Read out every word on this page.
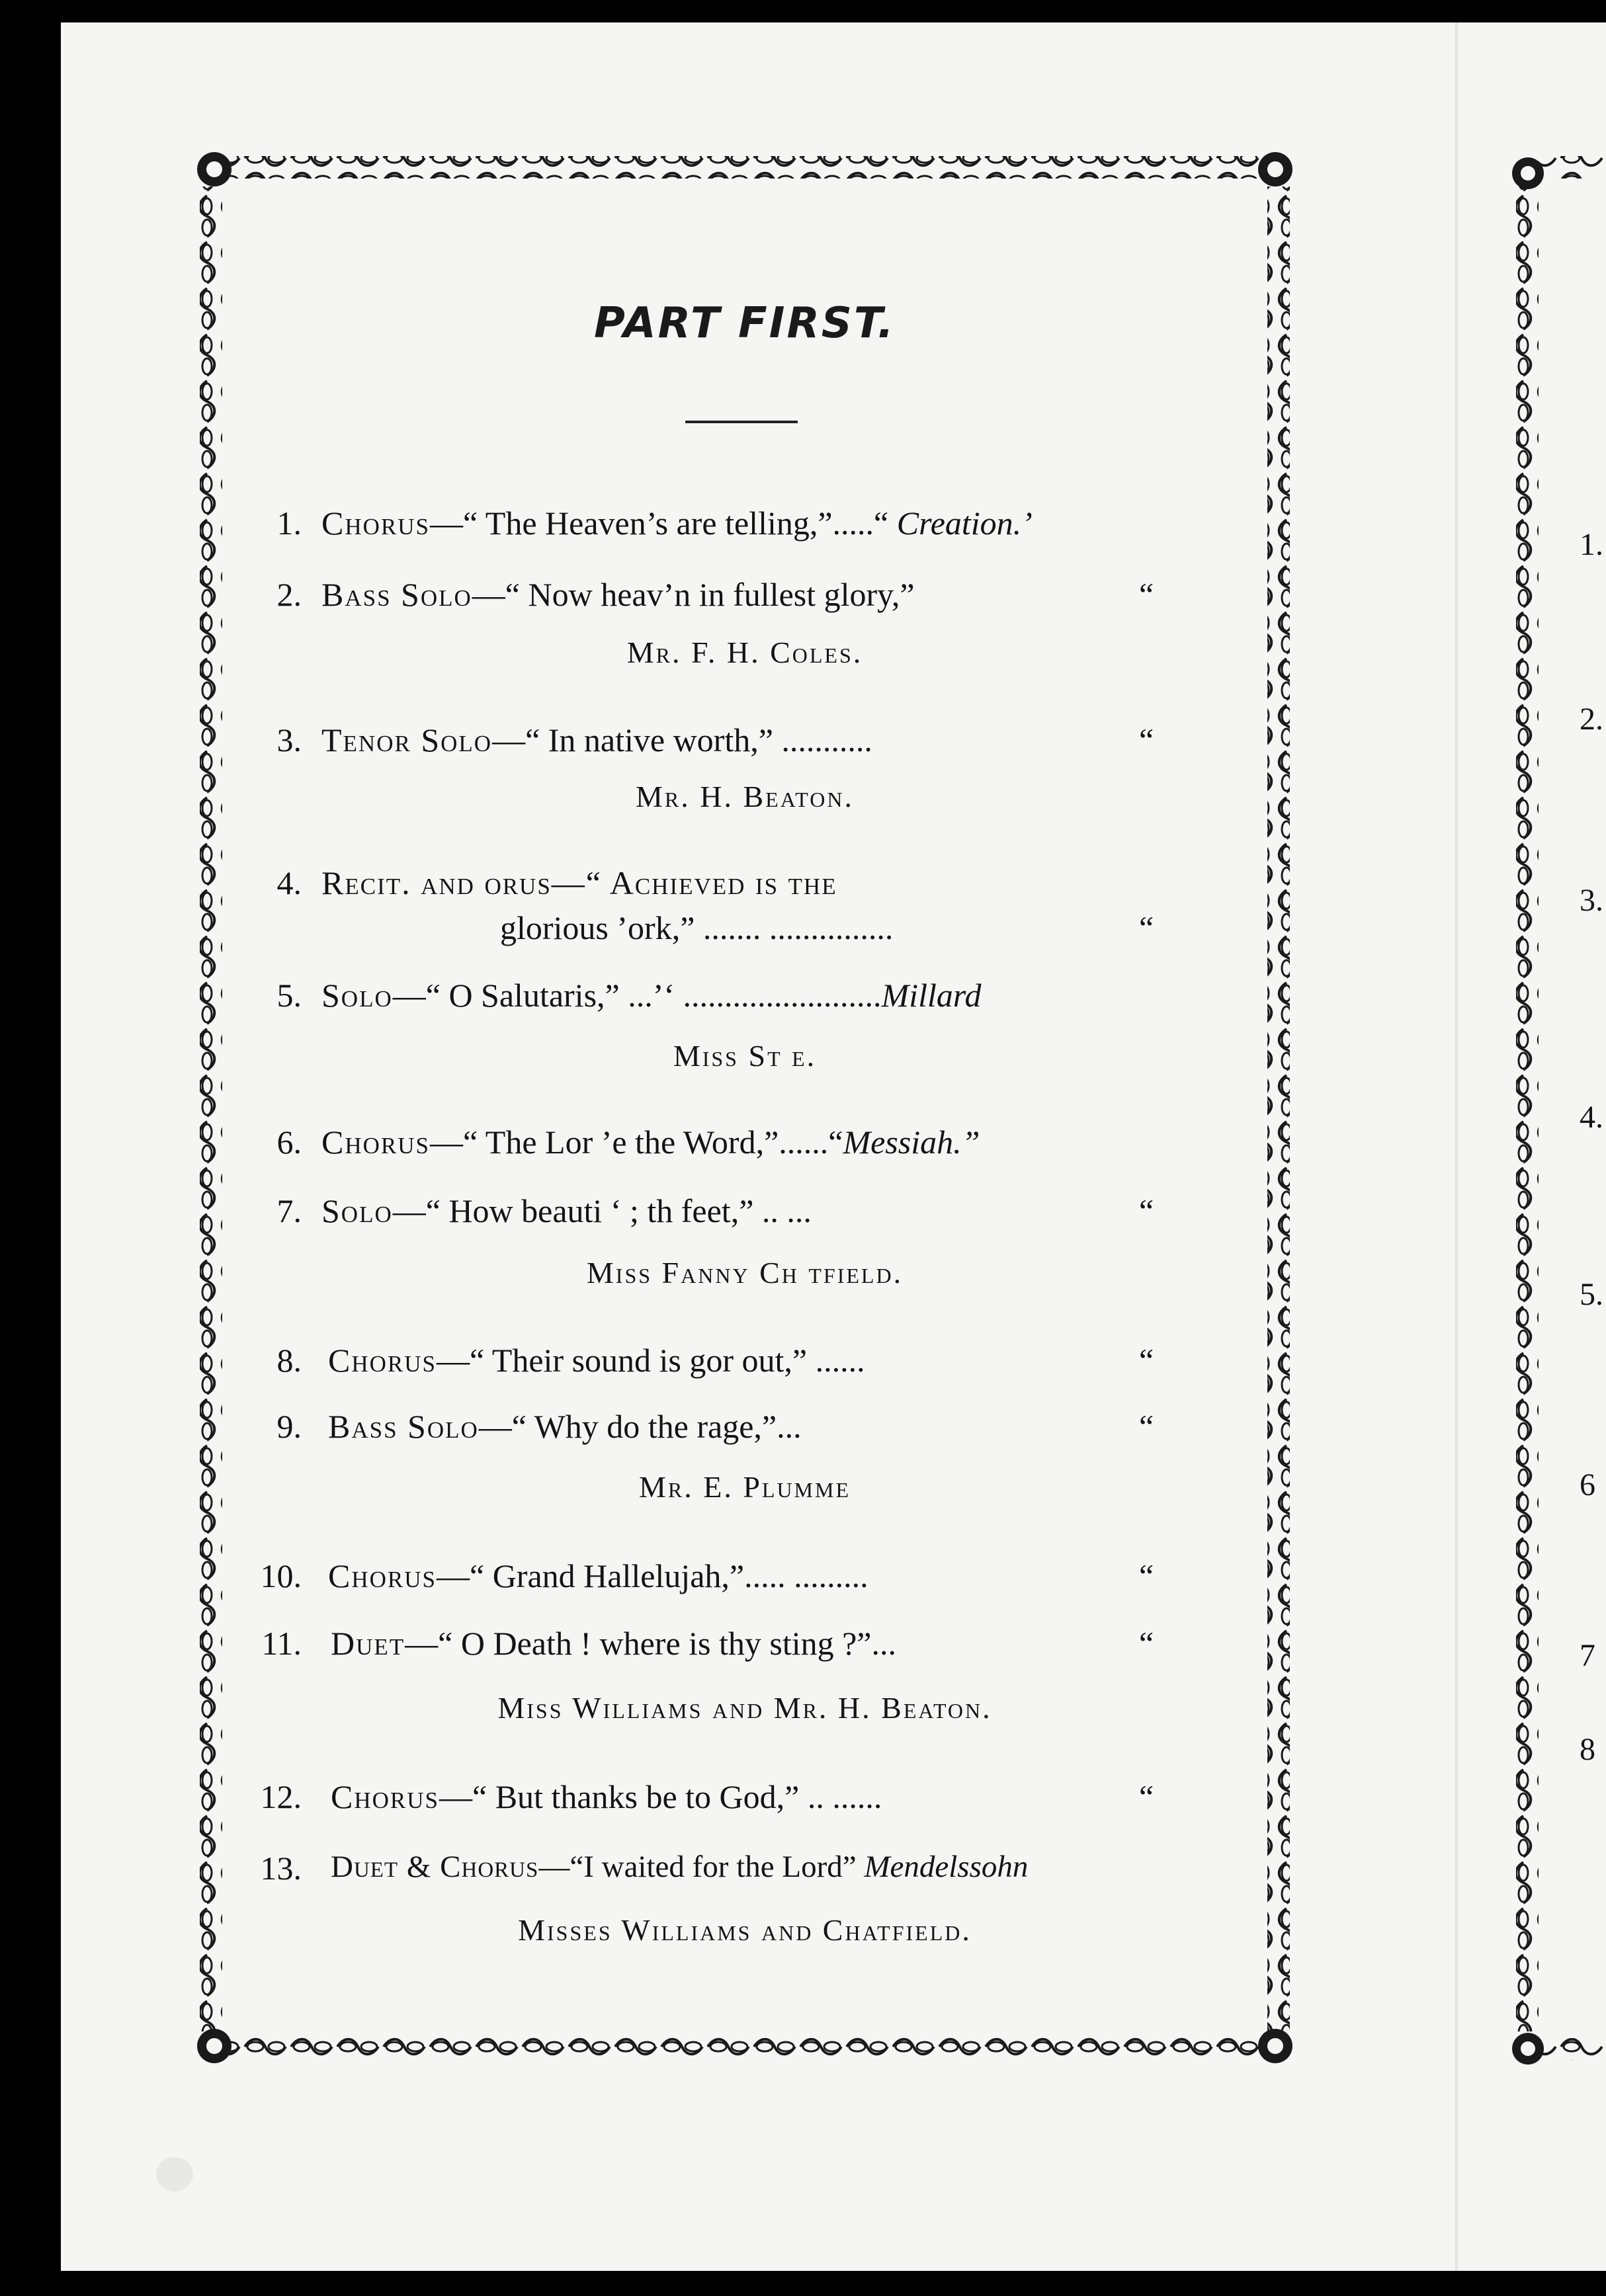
1.
2.
3.
4.
5.
6
7
8
PART FIRST.
1. Chorus—“ The Heaven’s are telling,”.....“ Creation.’
2. Bass Solo—“ Now heav’n in fullest glory,”	“
Mr. F. H. Coles.
3. Tenor Solo—“ In native worth,” ...........	“
Mr. H. Beaton.
4. Recit. and orus—“ Achieved is the
glorious ’ork,” ....... ...............	“
5. Solo—“ O Salutaris,” ...’‘ ........................Millard
Miss St e.
6. Chorus—“ The Lor ’e the Word,”......“Messiah.”
7. Solo—“ How beauti ‘ ; th feet,” .. ...	“
Miss Fanny Ch tfield.
8. Chorus—“ Their sound is gor out,” ......	“
9. Bass Solo—“ Why do the rage,”...	“
Mr. E. Plumme
10. Chorus—“ Grand Hallelujah,”..... .........	“
11. Duet—“ O Death ! where is thy sting ?”...	“
Miss Williams and Mr. H. Beaton.
12. Chorus—“ But thanks be to God,” .. ......	“
13. Duet & Chorus—“I waited for the Lord” Mendelssohn
Misses Williams and Chatfield.
